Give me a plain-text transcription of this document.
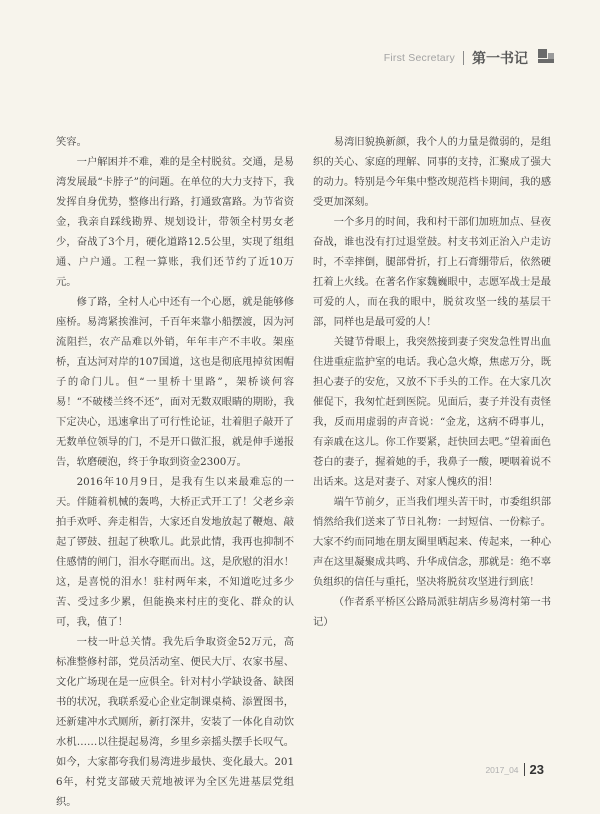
First Secretary 第一书记

笑容。

一户解困并不难，难的是全村脱贫。交通，是易湾发展最“卡脖子”的问题。在单位的大力支持下，我发挥自身优势，整修出行路，打通致富路。为节省资金，我亲自踩线勘界、规划设计，带领全村男女老少，奋战了3个月，硬化道路12.5公里，实现了组组通、户户通。工程一算账，我们还节约了近10万元。

修了路，全村人心中还有一个心愿，就是能够修座桥。易湾紧挨淮河，千百年来靠小船摆渡，因为河流阻拦，农产品难以外销，年年丰产不丰收。架座桥，直达河对岸的107国道，这也是彻底甩掉贫困帽子的命门儿。但“一里桥十里路”，架桥谈何容易！“不破楼兰终不还”，面对无数双眼睛的期盼，我下定决心，迅速拿出了可行性论证，壮着胆子敲开了无数单位领导的门，不是开口做汇报，就是伸手递报告，软磨硬泡，终于争取到资金2300万。

2016年10月9日，是我有生以来最难忘的一天。伴随着机械的轰鸣，大桥正式开工了！父老乡亲拍手欢呼、奔走相告，大家还自发地放起了鞭炮、敲起了锣鼓、扭起了秧歌儿。此景此情，我再也抑制不住感情的闸门，泪水夺眶而出。这，是欣慰的泪水！这，是喜悦的泪水！驻村两年来，不知道吃过多少苦、受过多少累，但能换来村庄的变化、群众的认可，我，值了！

一枝一叶总关情。我先后争取资金52万元，高标准整修村部，党员活动室、便民大厅、农家书屋、文化广场现在是一应俱全。针对村小学缺设备、缺图书的状况，我联系爱心企业定制课桌椅、添置图书，还新建冲水式厕所，新打深井，安装了一体化自动饮水机……以往提起易湾，乡里乡亲摇头摆手长叹气。如今，大家都夸我们易湾进步最快、变化最大。2016年，村党支部破天荒地被评为全区先进基层党组织。

易湾旧貌换新颜，我个人的力量是微弱的，是组织的关心、家庭的理解、同事的支持，汇聚成了强大的动力。特别是今年集中整改规范档卡期间，我的感受更加深刻。

一个多月的时间，我和村干部们加班加点、昼夜奋战，谁也没有打过退堂鼓。村支书刘正治入户走访时，不幸摔倒，腿部骨折，打上石膏绷带后，依然硬扛着上火线。在著名作家魏巍眼中，志愿军战士是最可爱的人，而在我的眼中，脱贫攻坚一线的基层干部，同样也是最可爱的人！

关键节骨眼上，我突然接到妻子突发急性胃出血住进重症监护室的电话。我心急火燎，焦虑万分，既担心妻子的安危，又放不下手头的工作。在大家几次催促下，我匆忙赶到医院。见面后，妻子并没有责怪我，反而用虚弱的声音说：“金龙，这病不碍事儿，有亲戚在这儿。你工作要紧，赶快回去吧。”望着面色苍白的妻子，握着她的手，我鼻子一酸，哽咽着说不出话来。这是对妻子、对家人愧疚的泪！

端午节前夕，正当我们埋头苦干时，市委组织部悄然给我们送来了节日礼物：一封短信、一份粽子。大家不约而同地在朋友圈里晒起来、传起来，一种心声在这里凝聚成共鸣、升华成信念，那就是：绝不辜负组织的信任与重托，坚决将脱贫攻坚进行到底！

（作者系平桥区公路局派驻胡店乡易湾村第一书记）

2017_04 23
